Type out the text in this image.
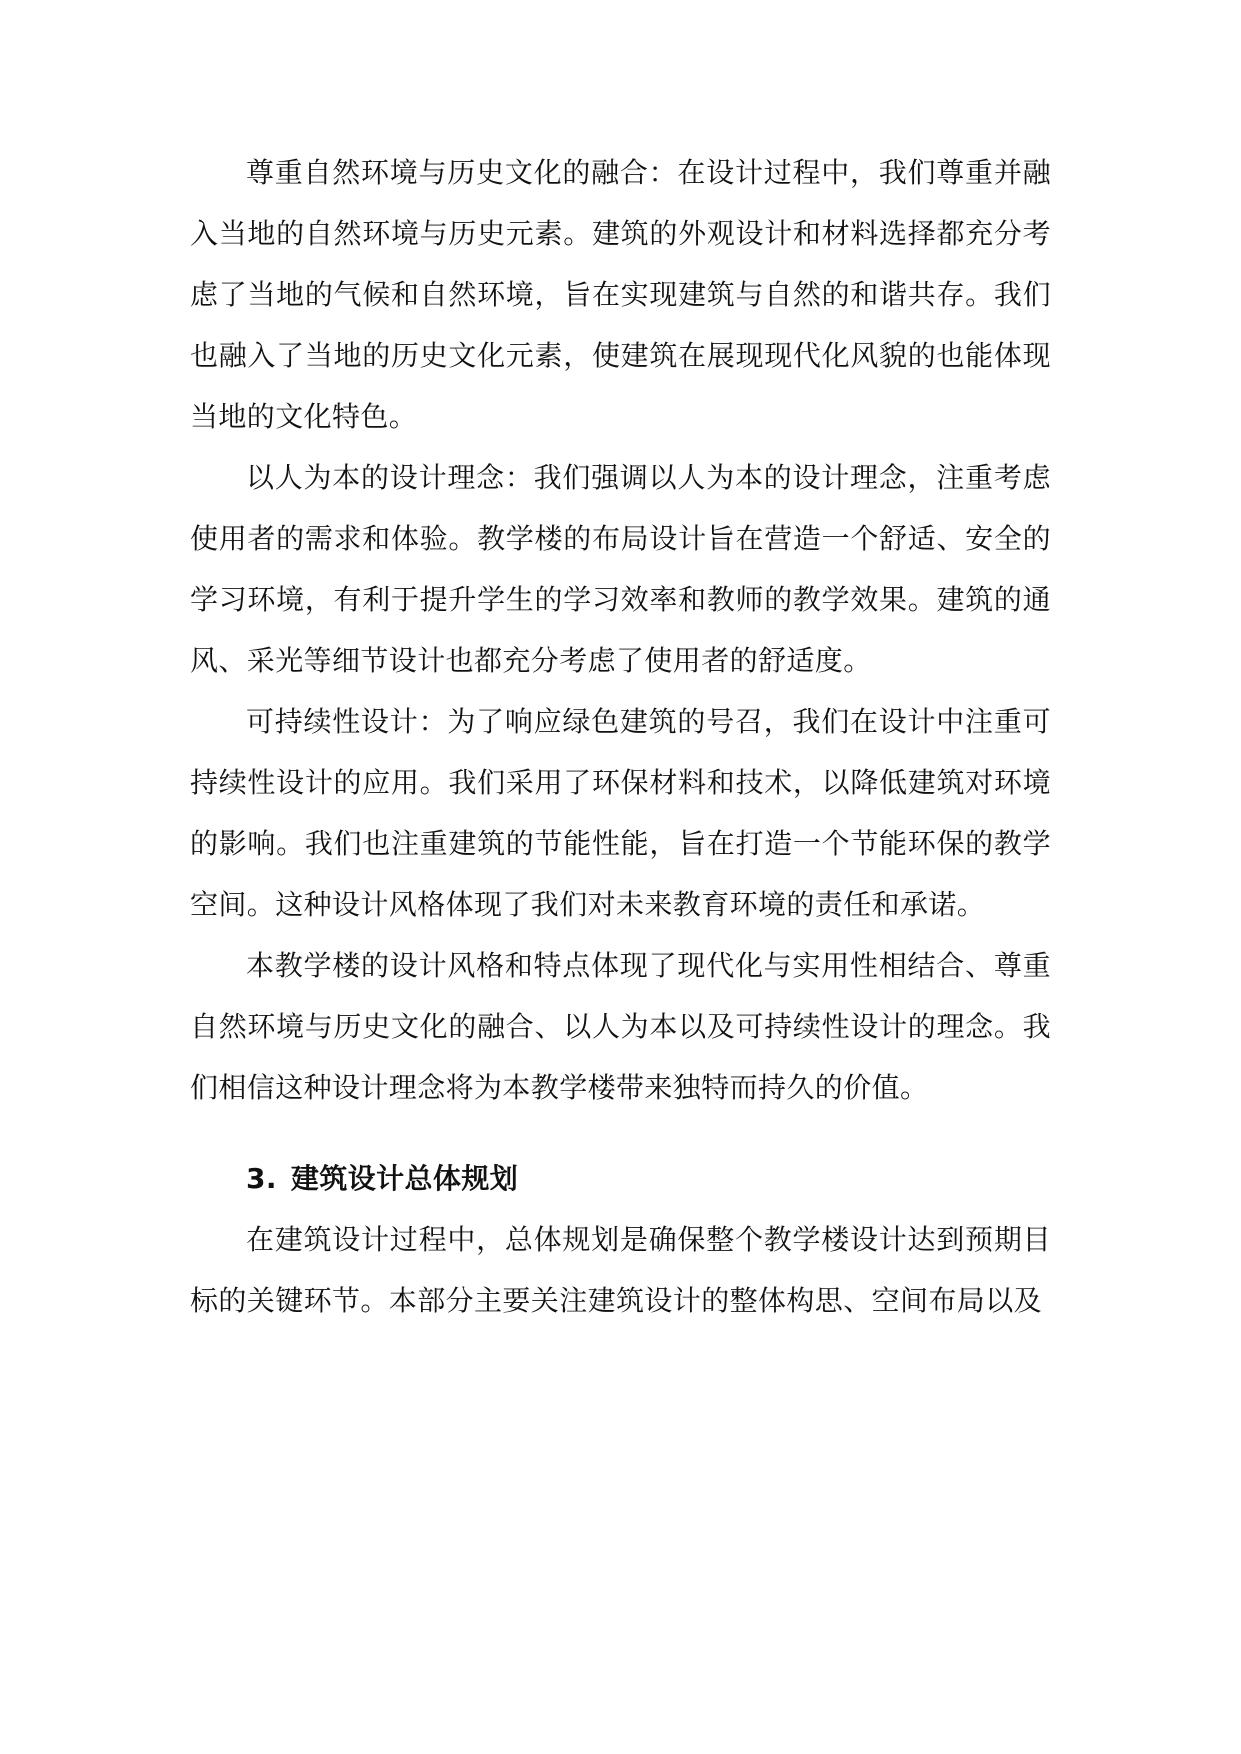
尊重自然环境与历史文化的融合：在设计过程中，我们尊重并融入当地的自然环境与历史元素。建筑的外观设计和材料选择都充分考虑了当地的气候和自然环境，旨在实现建筑与自然的和谐共存。我们也融入了当地的历史文化元素，使建筑在展现现代化风貌的也能体现当地的文化特色。

以人为本的设计理念：我们强调以人为本的设计理念，注重考虑使用者的需求和体验。教学楼的布局设计旨在营造一个舒适、安全的学习环境，有利于提升学生的学习效率和教师的教学效果。建筑的通风、采光等细节设计也都充分考虑了使用者的舒适度。

可持续性设计：为了响应绿色建筑的号召，我们在设计中注重可持续性设计的应用。我们采用了环保材料和技术，以降低建筑对环境的影响。我们也注重建筑的节能性能，旨在打造一个节能环保的教学空间。这种设计风格体现了我们对未来教育环境的责任和承诺。

本教学楼的设计风格和特点体现了现代化与实用性相结合、尊重自然环境与历史文化的融合、以人为本以及可持续性设计的理念。我们相信这种设计理念将为本教学楼带来独特而持久的价值。

3. 建筑设计总体规划

在建筑设计过程中，总体规划是确保整个教学楼设计达到预期目标的关键环节。本部分主要关注建筑设计的整体构思、空间布局以及
